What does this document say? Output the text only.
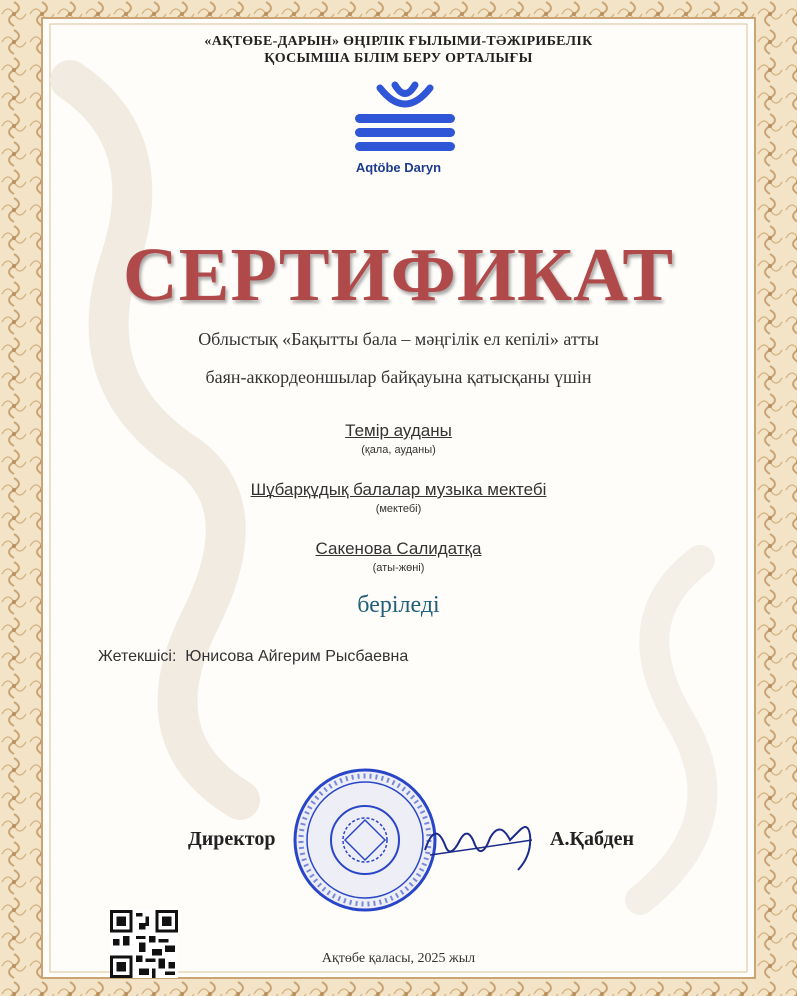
«АҚТӨБЕ-ДАРЫН» ӨҢІРЛІК ҒЫЛЫМИ-ТӘЖІРИБЕЛІК
ҚОСЫМША БІЛІМ БЕРУ ОРТАЛЫҒЫ
Aqtöbe Daryn
СЕРТИФИКАТ
Облыстық «Бақытты бала – мәңгілік ел кепілі» атты
баян-аккордеоншылар байқауына қатысқаны үшін
Темір ауданы
(қала, ауданы)
Шұбарқұдық балалар музыка мектебі
(мектебі)
Сакенова Салидатқа
(аты-жөні)
беріледі
Жетекшісі: Юнисова Айгерим Рысбаевна
Директор	А.Қабден
Ақтөбе қаласы, 2025 жыл
